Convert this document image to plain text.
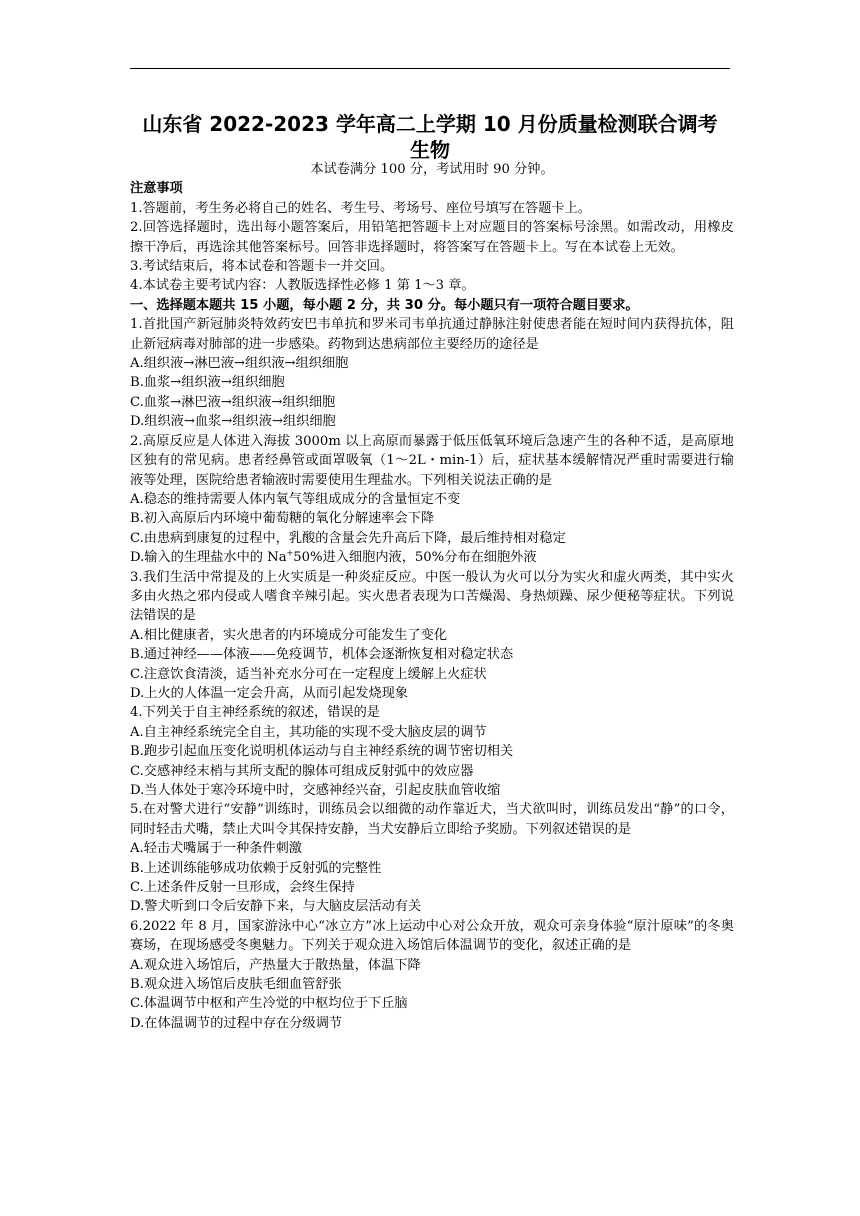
山东省 2022-2023 学年高二上学期 10 月份质量检测联合调考
生物

本试卷满分 100 分，考试用时 90 分钟。

注意事项

1.答题前，考生务必将自己的姓名、考生号、考场号、座位号填写在答题卡上。

2.回答选择题时，选出每小题答案后，用铅笔把答题卡上对应题目的答案标号涂黑。如需改动，用橡皮擦干净后，再选涂其他答案标号。回答非选择题时，将答案写在答题卡上。写在本试卷上无效。

3.考试结束后，将本试卷和答题卡一并交回。

4.本试卷主要考试内容：人教版选择性必修 1 第 1～3 章。

一、选择题本题共 15 小题，每小题 2 分，共 30 分。每小题只有一项符合题目要求。

1.首批国产新冠肺炎特效药安巴韦单抗和罗米司韦单抗通过静脉注射使患者能在短时间内获得抗体，阻止新冠病毒对肺部的进一步感染。药物到达患病部位主要经历的途径是

A.组织液→淋巴液→组织液→组织细胞

B.血浆→组织液→组织细胞

C.血浆→淋巴液→组织液→组织细胞

D.组织液→血浆→组织液→组织细胞

2.高原反应是人体进入海拔 3000m 以上高原而暴露于低压低氧环境后急速产生的各种不适，是高原地区独有的常见病。患者经鼻管或面罩吸氧（1～2L・min-1）后，症状基本缓解情况严重时需要进行输液等处理，医院给患者输液时需要使用生理盐水。下列相关说法正确的是

A.稳态的维持需要人体内氧气等组成成分的含量恒定不变

B.初入高原后内环境中葡萄糖的氧化分解速率会下降

C.由患病到康复的过程中，乳酸的含量会先升高后下降，最后维持相对稳定

D.输入的生理盐水中的 Na+50%进入细胞内液，50%分布在细胞外液

3.我们生活中常提及的上火实质是一种炎症反应。中医一般认为火可以分为实火和虚火两类，其中实火多由火热之邪内侵或人嗜食辛辣引起。实火患者表现为口苦燥渴、身热烦躁、尿少便秘等症状。下列说法错误的是

A.相比健康者，实火患者的内环境成分可能发生了变化

B.通过神经——体液——免疫调节，机体会逐渐恢复相对稳定状态

C.注意饮食清淡，适当补充水分可在一定程度上缓解上火症状

D.上火的人体温一定会升高，从而引起发烧现象

4.下列关于自主神经系统的叙述，错误的是

A.自主神经系统完全自主，其功能的实现不受大脑皮层的调节

B.跑步引起血压变化说明机体运动与自主神经系统的调节密切相关

C.交感神经末梢与其所支配的腺体可组成反射弧中的效应器

D.当人体处于寒冷环境中时，交感神经兴奋，引起皮肤血管收缩

5.在对警犬进行“安静”训练时，训练员会以细微的动作靠近犬，当犬欲叫时，训练员发出“静”的口令，同时轻击犬嘴，禁止犬叫令其保持安静，当犬安静后立即给予奖励。下列叙述错误的是

A.轻击犬嘴属于一种条件刺激

B.上述训练能够成功依赖于反射弧的完整性

C.上述条件反射一旦形成，会终生保持

D.警犬听到口令后安静下来，与大脑皮层活动有关

6.2022 年 8 月，国家游泳中心“冰立方”冰上运动中心对公众开放，观众可亲身体验“原汁原味”的冬奥赛场，在现场感受冬奥魅力。下列关于观众进入场馆后体温调节的变化，叙述正确的是

A.观众进入场馆后，产热量大于散热量，体温下降

B.观众进入场馆后皮肤毛细血管舒张

C.体温调节中枢和产生冷觉的中枢均位于下丘脑

D.在体温调节的过程中存在分级调节
